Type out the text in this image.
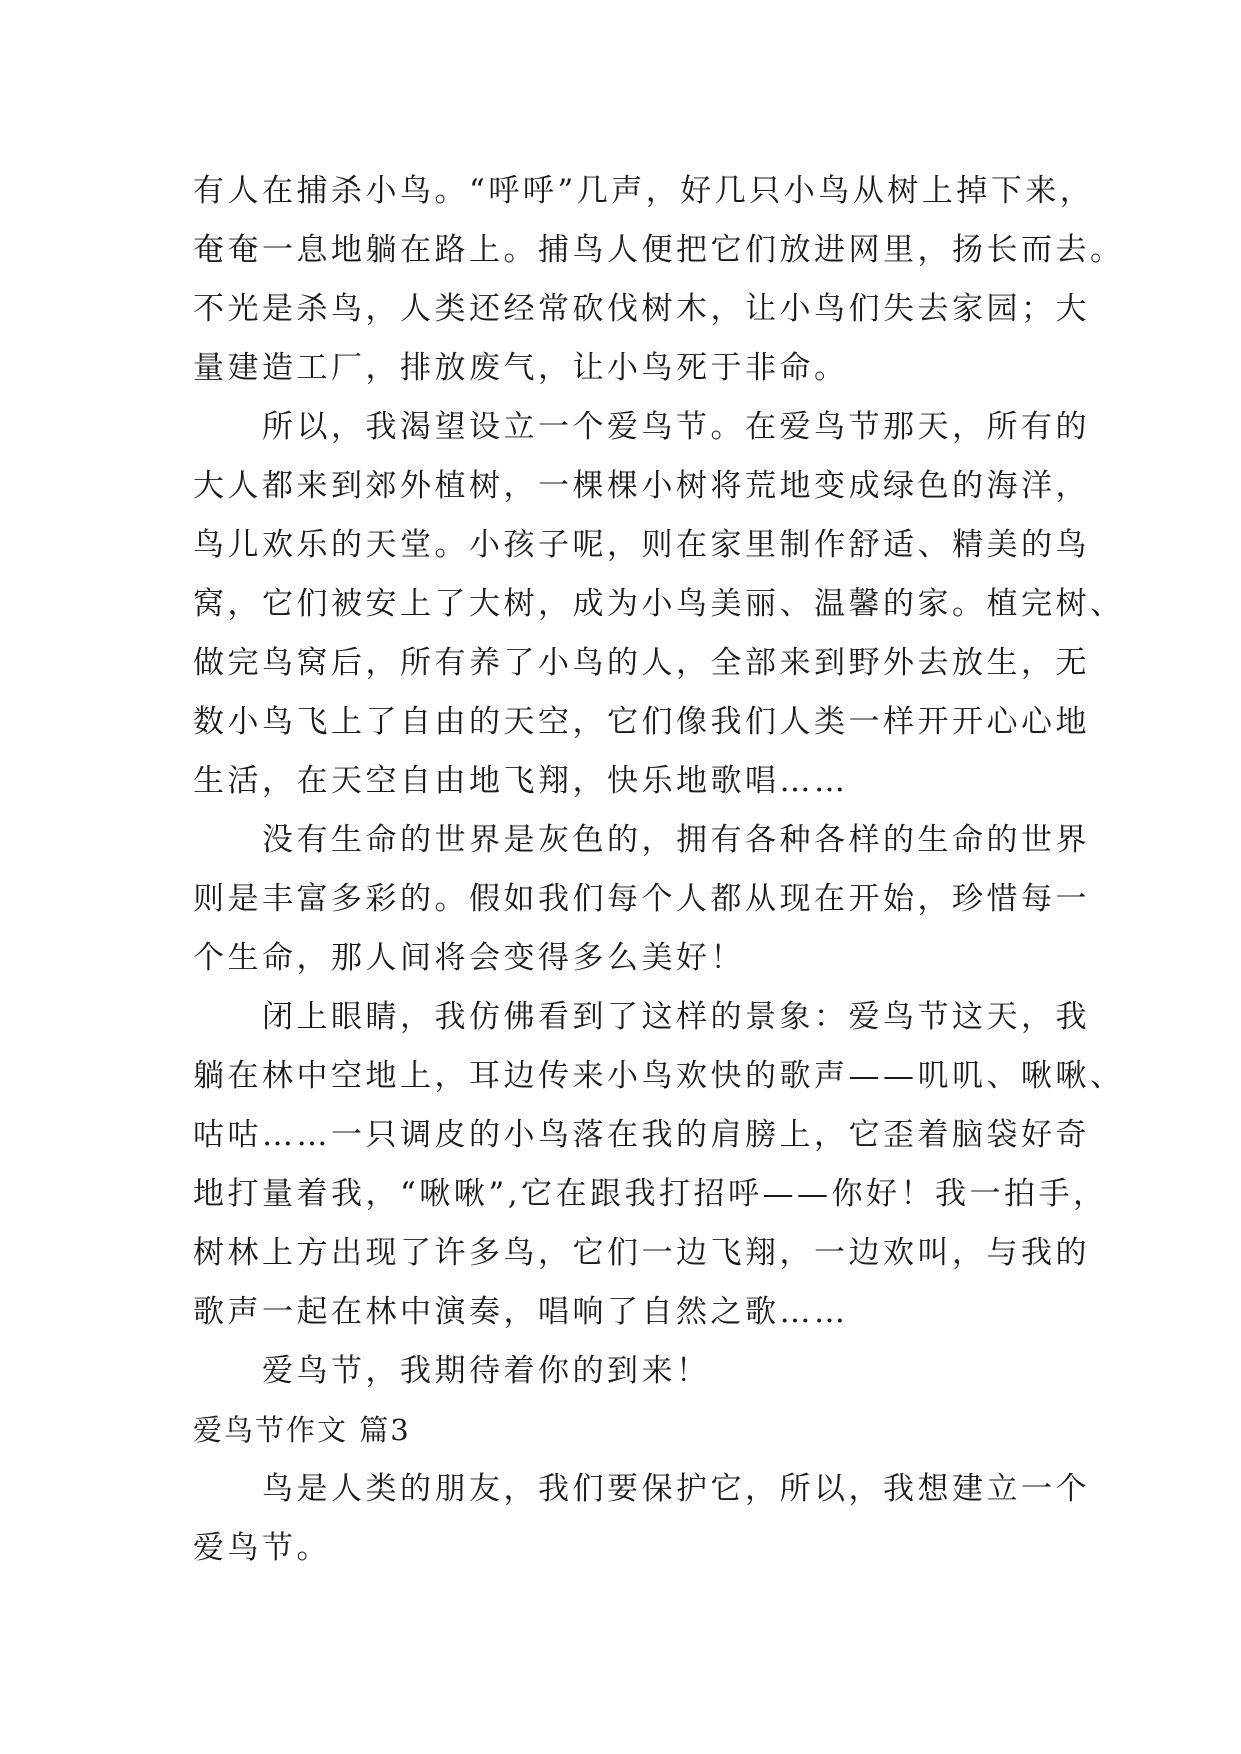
有人在捕杀小鸟。“呼呼”几声，好几只小鸟从树上掉下来，
奄奄一息地躺在路上。捕鸟人便把它们放进网里，扬长而去。
不光是杀鸟，人类还经常砍伐树木，让小鸟们失去家园；大
量建造工厂，排放废气，让小鸟死于非命。
　　所以，我渴望设立一个爱鸟节。在爱鸟节那天，所有的
大人都来到郊外植树，一棵棵小树将荒地变成绿色的海洋，
鸟儿欢乐的天堂。小孩子呢，则在家里制作舒适、精美的鸟
窝，它们被安上了大树，成为小鸟美丽、温馨的家。植完树、
做完鸟窝后，所有养了小鸟的人，全部来到野外去放生，无
数小鸟飞上了自由的天空，它们像我们人类一样开开心心地
生活，在天空自由地飞翔，快乐地歌唱……
　　没有生命的世界是灰色的，拥有各种各样的生命的世界
则是丰富多彩的。假如我们每个人都从现在开始，珍惜每一
个生命，那人间将会变得多么美好！
　　闭上眼睛，我仿佛看到了这样的景象：爱鸟节这天，我
躺在林中空地上，耳边传来小鸟欢快的歌声——叽叽、啾啾、
咕咕……一只调皮的小鸟落在我的肩膀上，它歪着脑袋好奇
地打量着我，“啾啾”,它在跟我打招呼——你好！我一拍手，
树林上方出现了许多鸟，它们一边飞翔，一边欢叫，与我的
歌声一起在林中演奏，唱响了自然之歌……
　　爱鸟节，我期待着你的到来！
爱鸟节作文 篇3
　　鸟是人类的朋友，我们要保护它，所以，我想建立一个
爱鸟节。
